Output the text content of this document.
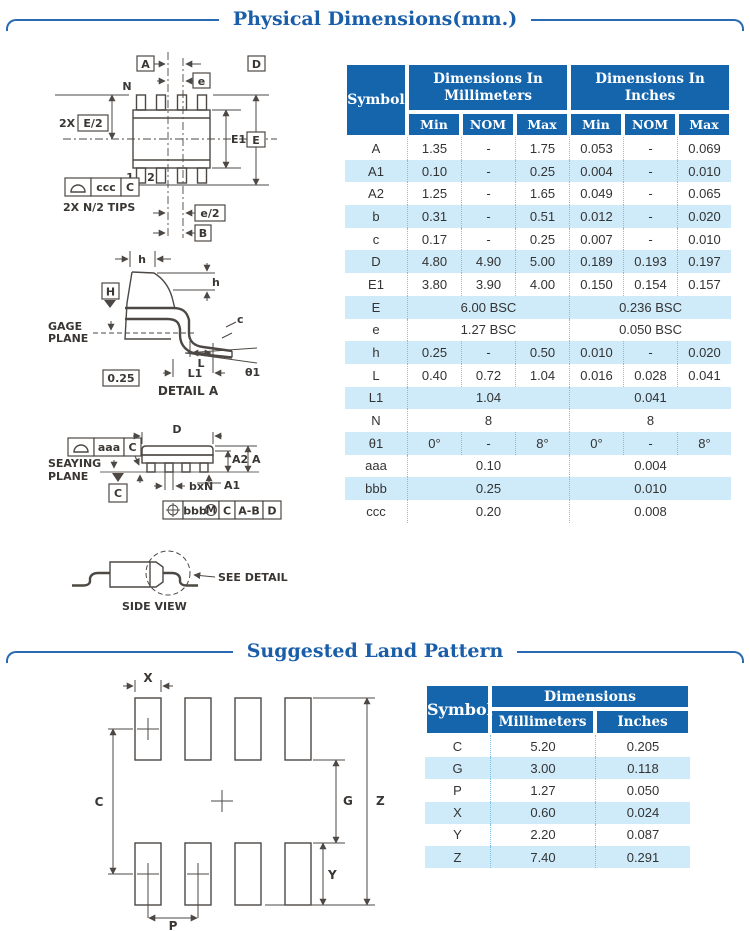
Physical Dimensions(mm.)
A
e
D
N
E
E1
2X E/2
2
e/2
B
ccc C
2X N/2 TIPS
h
H
h
GAGE
PLANE
c
θ1
L
L1
0.25
DETAIL A
aaa C
SEAYING
PLANE
C
D
A2 A
A1
bxN
bbb
M C A-B D
SEE DETAIL
SIDE VIEW
Symbol	Dimensions In Millimeters			Dimensions In Inches		
	Min	NOM	Max	Min	NOM	Max
A	1.35	-	1.75	0.053	-	0.069
A1	0.10	-	0.25	0.004	-	0.010
A2	1.25	-	1.65	0.049	-	0.065
b	0.31	-	0.51	0.012	-	0.020
c	0.17	-	0.25	0.007	-	0.010
D	4.80	4.90	5.00	0.189	0.193	0.197
E1	3.80	3.90	4.00	0.150	0.154	0.157
E	6.00 BSC			0.236 BSC		
e	1.27 BSC			0.050 BSC		
h	0.25	-	0.50	0.010	-	0.020
L	0.40	0.72	1.04	0.016	0.028	0.041
L1	1.04			0.041		
N	8			8		
θ1	0°	-	8°	0°	-	8°
aaa	0.10			0.004		
bbb	0.25			0.010		
ccc	0.20			0.008		
Suggested Land Pattern
X
C	G Z
Y
P
Symbol	Dimensions	
	Millimeters	Inches
C	5.20	0.205
G	3.00	0.118
P	1.27	0.050
X	0.60	0.024
Y	2.20	0.087
Z	7.40	0.291
